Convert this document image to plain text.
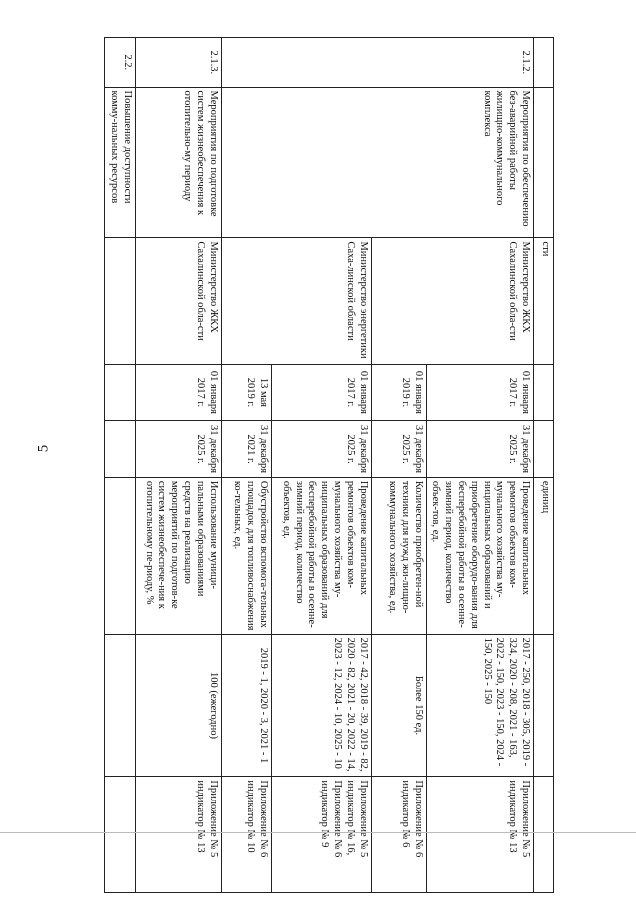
5
		сти			единиц		
2.1.2.	Мероприятия по обеспечению без-аварийной работы жилищно-коммунального комплекса	Министерство ЖКХ Сахалинской обла-сти	01 января 2017 г.	31 декабря 2025 г.	Проведение капитальных ремонтов объектов ком-мунального хозяйства му-ниципальных образований и приобретение оборудо-вания для бесперебойной работы в осенне-зимний период, количество объек-тов, ед.	2017 - 250, 2018 - 305, 2019 - 324, 2020 - 208, 2021 - 163, 2022 - 150, 2023 - 150, 2024 - 150, 2025 - 150	Приложение № 5 индикатор № 13
			01 января 2019 г.	31 декабря 2025 г.	Количество приобретен-ной техники для нужд жи-лищно-коммунального хозяйства, ед.	Более 150 ед.	Приложение № 6 индикатор № 6
		Министерство энергетики Саха-линской области	01 января 2017 г.	31 декабря 2025 г.	Проведение капитальных ремонтов объектов ком-мунального хозяйства му-ниципальных образований для бесперебойной работы в осенне-зимний период, количество объектов, ед.	2017 - 42, 2018 - 39, 2019 - 82, 2020 - 82, 2021 - 20, 2022 - 14, 2023 - 12, 2024 - 10, 2025 - 10	Приложение № 5 индикатор № 16, Приложение № 6 индикатор № 9
			13 мая 2019 г.	31 декабря 2021 г.	Обустройство вспомога-тельных площадок для топливоснабжения ко-тельных, ед.	2019 - 1, 2020 - 3, 2021 - 1	Приложение № 6 индикатор № 10
2.1.3.	Мероприятия по подготовке систем жизнеобеспечения к отопительно-му периоду	Министерство ЖКХ Сахалинской обла-сти	01 января 2017 г.	31 декабря 2025 г.	Использование муници-пальными образованиями средств на реализацию мероприятий по подготов-ке систем жизнеобеспече-ния к отопительному пе-риоду, %	100 (ежегодно)	Приложение № 5 индикатор № 13
2.2.	Повышение доступности комму-нальных ресурсов						
